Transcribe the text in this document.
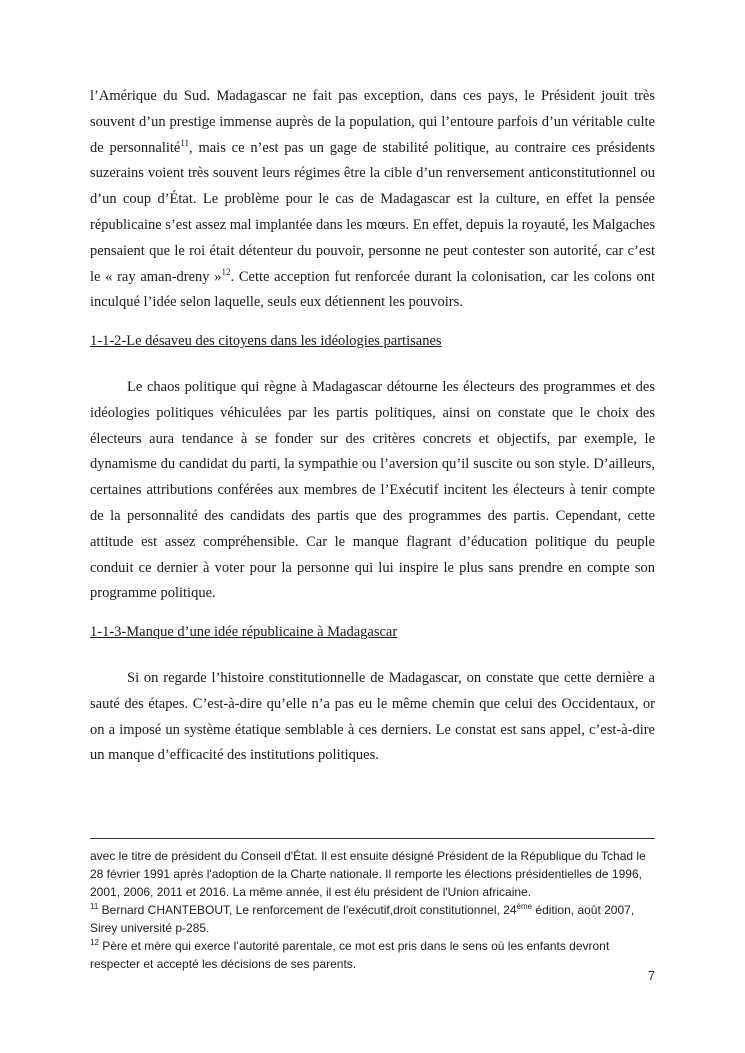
l’Amérique du Sud. Madagascar ne fait pas exception, dans ces pays, le Président jouit très souvent d’un prestige immense auprès de la population, qui l’entoure parfois d’un véritable culte de personnalité$^{11}$, mais ce n’est pas un gage de stabilité politique, au contraire ces présidents suzerains voient très souvent leurs régimes être la cible d’un renversement anticonstitutionnel ou d’un coup d’État. Le problème pour le cas de Madagascar est la culture, en effet la pensée républicaine s’est assez mal implantée dans les mœurs. En effet, depuis la royauté, les Malgaches pensaient que le roi était détenteur du pouvoir, personne ne peut contester son autorité, car c’est le « ray aman-dreny »$^{12}$. Cette acception fut renforcée durant la colonisation, car les colons ont inculqué l’idée selon laquelle, seuls eux détiennent les pouvoirs.

1-1-2-Le désaveu des citoyens dans les idéologies partisanes

Le chaos politique qui règne à Madagascar détourne les électeurs des programmes et des idéologies politiques véhiculées par les partis politiques, ainsi on constate que le choix des électeurs aura tendance à se fonder sur des critères concrets et objectifs, par exemple, le dynamisme du candidat du parti, la sympathie ou l’aversion qu’il suscite ou son style. D’ailleurs, certaines attributions conférées aux membres de l’Exécutif incitent les électeurs à tenir compte de la personnalité des candidats des partis que des programmes des partis. Cependant, cette attitude est assez compréhensible. Car le manque flagrant d’éducation politique du peuple conduit ce dernier à voter pour la personne qui lui inspire le plus sans prendre en compte son programme politique.

1-1-3-Manque d’une idée républicaine à Madagascar

Si on regarde l’histoire constitutionnelle de Madagascar, on constate que cette dernière a sauté des étapes. C’est-à-dire qu’elle n’a pas eu le même chemin que celui des Occidentaux, or on a imposé un système étatique semblable à ces derniers. Le constat est sans appel, c’est-à-dire un manque d’efficacité des institutions politiques.

avec le titre de président du Conseil d'État. Il est ensuite désigné Président de la République du Tchad le 28 février 1991 après l'adoption de la Charte nationale. Il remporte les élections présidentielles de 1996, 2001, 2006, 2011 et 2016. La même année, il est élu président de l'Union africaine.

$^{11}$ Bernard CHANTEBOUT, Le renforcement de l’exécutif,droit constitutionnel, 24ème édition, août 2007, Sirey université p-285.

$^{12}$ Père et mère qui exerce l’autorité parentale, ce mot est pris dans le sens où les enfants devront respecter et accepté les décisions de ses parents.

7
